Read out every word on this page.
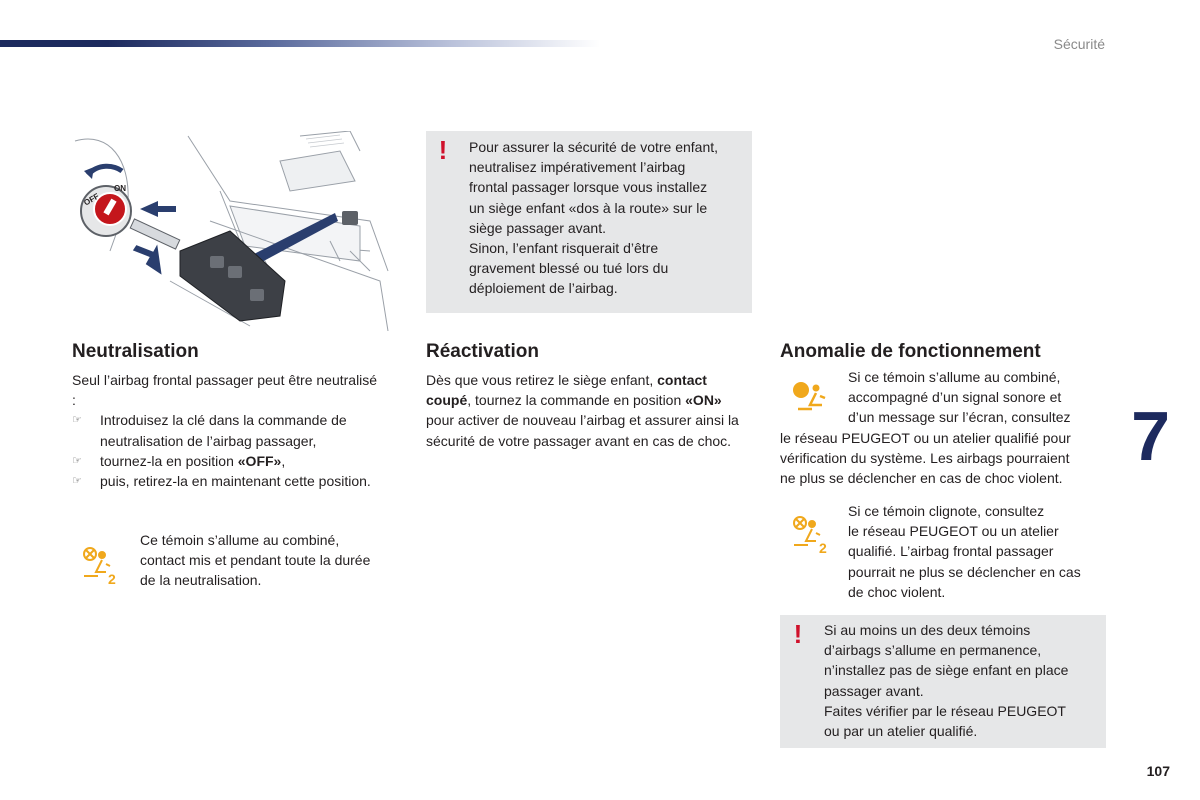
Sécurité
OFF
ON
! Pour assurer la sécurité de votre enfant,
neutralisez impérativement l’airbag
frontal passager lorsque vous installez
un siège enfant «dos à la route» sur le
siège passager avant.
Sinon, l’enfant risquerait d’être
gravement blessé ou tué lors du
déploiement de l’airbag.
Neutralisation

Seul l’airbag frontal passager peut être neutralisé :

☞ Introduisez la clé dans la commande de neutralisation de l’airbag passager,
☞ tournez-la en position «OFF»,
☞ puis, retirez-la en maintenant cette position.
2
Ce témoin s’allume au combiné,
contact mis et pendant toute la durée
de la neutralisation.
Réactivation

Dès que vous retirez le siège enfant, contact coupé, tournez la commande en position «ON» pour activer de nouveau l’airbag et assurer ainsi la sécurité de votre passager avant en cas de choc.

Anomalie de fonctionnement
Si ce témoin s’allume au combiné,
accompagné d’un signal sonore et
d’un message sur l’écran, consultez
le réseau PEUGEOT ou un atelier qualifié pour
vérification du système. Les airbags pourraient
ne plus se déclencher en cas de choc violent.
2
Si ce témoin clignote, consultez
le réseau PEUGEOT ou un atelier
qualifié. L’airbag frontal passager
pourrait ne plus se déclencher en cas
de choc violent.
! Si au moins un des deux témoins
d’airbags s’allume en permanence,
n’installez pas de siège enfant en place
passager avant.
Faites vérifier par le réseau PEUGEOT
ou par un atelier qualifié.
7
107
